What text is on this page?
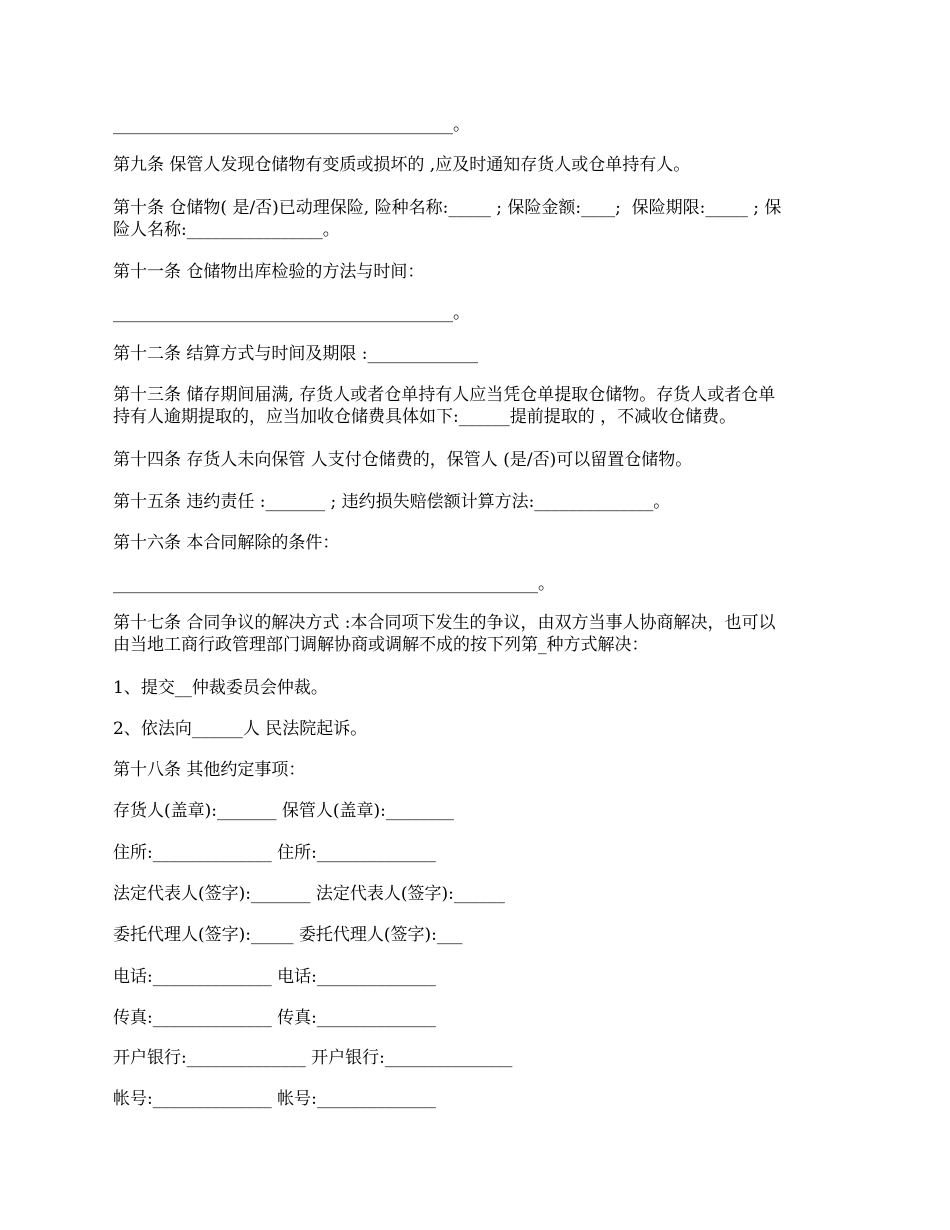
________________________________________。
第九条 保管人发现仓储物有变质或损坏的 ,应及时通知存货人或仓单持有人。
第十条 仓储物( 是/否)已动理保险, 险种名称:_____ ; 保险金额:____;  保险期限:_____ ; 保
险人名称:________________。
第十一条 仓储物出库检验的方法与时间：
________________________________________。
第十二条 结算方式与时间及期限 :_____________
第十三条 储存期间届满, 存货人或者仓单持有人应当凭仓单提取仓储物。存货人或者仓单
持有人逾期提取的，应当加收仓储费具体如下:______提前提取的 ，不减收仓储费。
第十四条 存货人未向保管 人支付仓储费的，保管人 (是/否)可以留置仓储物。
第十五条 违约责任 :_______ ; 违约损失赔偿额计算方法:______________。
第十六条 本合同解除的条件：
__________________________________________________。
第十七条 合同争议的解决方式 :本合同项下发生的争议，由双方当事人协商解决，也可以
由当地工商行政管理部门调解协商或调解不成的按下列第_种方式解决：
1、提交__仲裁委员会仲裁。
2、依法向______人 民法院起诉。
第十八条 其他约定事项：
存货人(盖章):_______ 保管人(盖章):________
住所:______________ 住所:______________
法定代表人(签字):_______ 法定代表人(签字):______
委托代理人(签字):_____ 委托代理人(签字):___
电话:______________ 电话:______________
传真:______________ 传真:______________
开户银行:______________ 开户银行:_______________
帐号:______________ 帐号:______________
